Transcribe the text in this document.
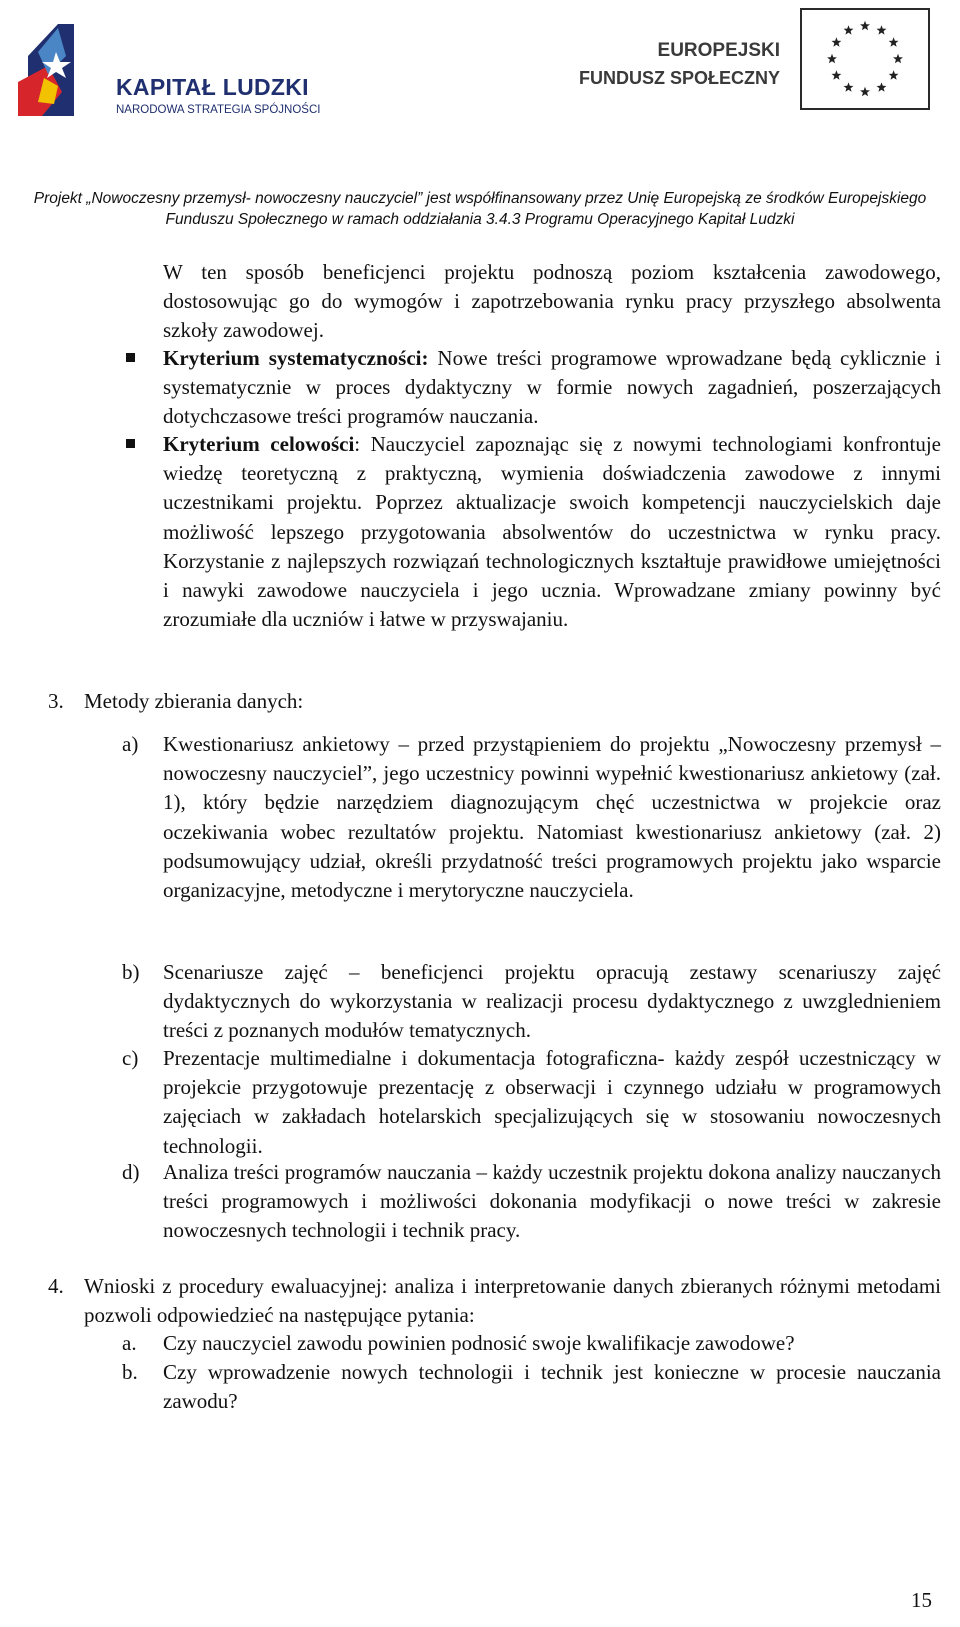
KAPITAŁ LUDZKI
NARODOWA STRATEGIA SPÓJNOŚCI
EUROPEJSKI
FUNDUSZ SPOŁECZNY
Projekt „Nowoczesny przemysł- nowoczesny nauczyciel” jest współfinansowany przez Unię Europejską ze środków Europejskiego
Funduszu Społecznego w ramach oddziałania 3.4.3 Programu Operacyjnego Kapitał Ludzki
W ten sposób beneficjenci projektu podnoszą poziom kształcenia zawodowego, dostosowując go do wymogów i zapotrzebowania rynku pracy przyszłego absolwenta szkoły zawodowej.
Kryterium systematyczności: Nowe treści programowe wprowadzane będą cyklicznie i systematycznie w proces dydaktyczny w formie nowych zagadnień, poszerzających dotychczasowe treści programów nauczania.
Kryterium celowości: Nauczyciel zapoznając się z nowymi technologiami konfrontuje wiedzę teoretyczną z praktyczną, wymienia doświadczenia zawodowe z innymi uczestnikami projektu. Poprzez aktualizacje swoich kompetencji nauczycielskich daje możliwość lepszego przygotowania absolwentów do uczestnictwa w rynku pracy. Korzystanie z najlepszych rozwiązań technologicznych kształtuje prawidłowe umiejętności i nawyki zawodowe nauczyciela i jego ucznia. Wprowadzane zmiany powinny być zrozumiałe dla uczniów i łatwe w przyswajaniu.
3. Metody zbierania danych:
a) Kwestionariusz ankietowy – przed przystąpieniem do projektu „Nowoczesny przemysł – nowoczesny nauczyciel”, jego uczestnicy powinni wypełnić kwestionariusz ankietowy (zał. 1), który będzie narzędziem diagnozującym chęć uczestnictwa w projekcie oraz oczekiwania wobec rezultatów projektu. Natomiast kwestionariusz ankietowy (zał. 2) podsumowujący udział, określi przydatność treści programowych projektu jako wsparcie organizacyjne, metodyczne i merytoryczne nauczyciela.
b) Scenariusze zajęć – beneficjenci projektu opracują zestawy scenariuszy zajęć dydaktycznych do wykorzystania w realizacji procesu dydaktycznego z uwzglednieniem treści z poznanych modułów tematycznych.
c) Prezentacje multimedialne i dokumentacja fotograficzna- każdy zespół uczestniczący w projekcie przygotowuje prezentację z obserwacji i czynnego udziału w programowych zajęciach w zakładach hotelarskich specjalizujących się w stosowaniu nowoczesnych technologii.
d) Analiza treści programów nauczania – każdy uczestnik projektu dokona analizy nauczanych treści programowych i możliwości dokonania modyfikacji o nowe treści w zakresie nowoczesnych technologii i technik pracy.
4. Wnioski z procedury ewaluacyjnej: analiza i interpretowanie danych zbieranych różnymi metodami pozwoli odpowiedzieć na następujące pytania:
a. Czy nauczyciel zawodu powinien podnosić swoje kwalifikacje zawodowe?
b. Czy wprowadzenie nowych technologii i technik jest konieczne w procesie nauczania zawodu?
15
